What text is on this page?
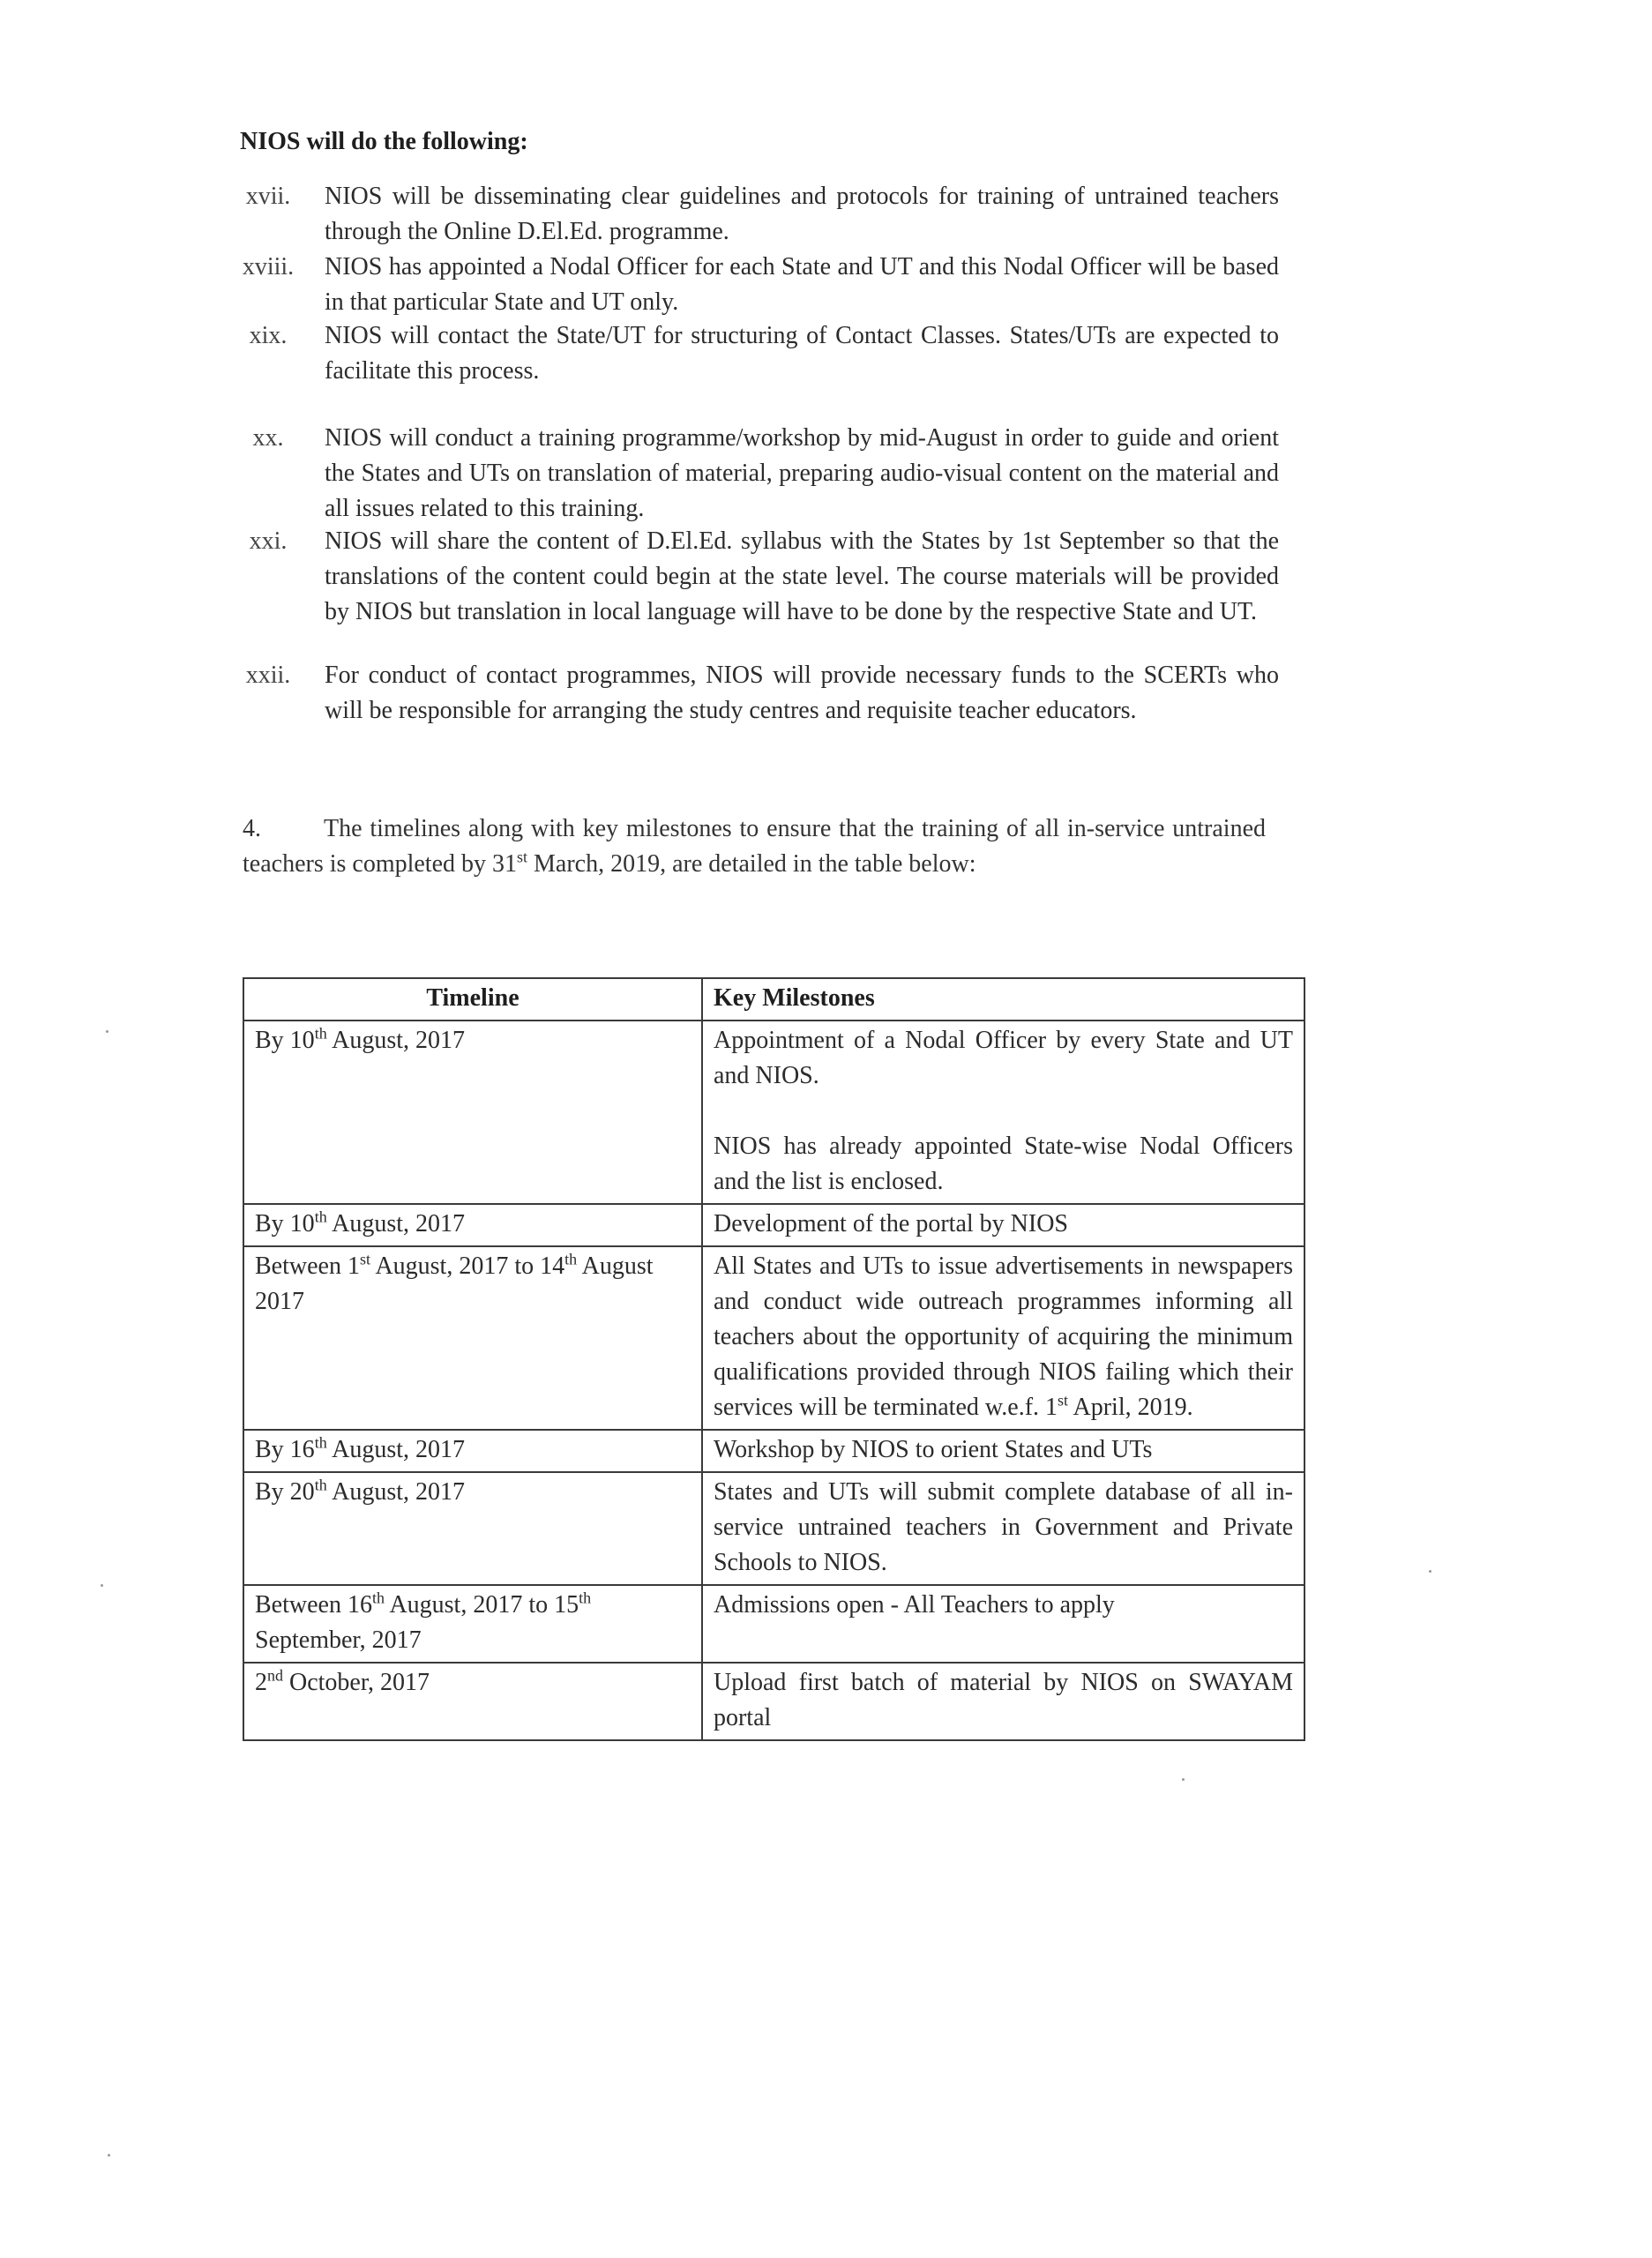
NIOS will do the following:
xvii.	NIOS will be disseminating clear guidelines and protocols for training of untrained teachers through the Online D.El.Ed. programme.
xviii.	NIOS has appointed a Nodal Officer for each State and UT and this Nodal Officer will be based in that particular State and UT only.
xix.	NIOS will contact the State/UT for structuring of Contact Classes. States/UTs are expected to facilitate this process.
xx.	NIOS will conduct a training programme/workshop by mid-August in order to guide and orient the States and UTs on translation of material, preparing audio-visual content on the material and all issues related to this training.
xxi.	NIOS will share the content of D.El.Ed. syllabus with the States by 1st September so that the translations of the content could begin at the state level. The course materials will be provided by NIOS but translation in local language will have to be done by the respective State and UT.
xxii.	For conduct of contact programmes, NIOS will provide necessary funds to the SCERTs who will be responsible for arranging the study centres and requisite teacher educators.

4.	The timelines along with key milestones to ensure that the training of all in-service untrained teachers is completed by 31st March, 2019, are detailed in the table below:

Timeline	Key Milestones
By 10th August, 2017	Appointment of a Nodal Officer by every State and UT and NIOS.
NIOS has already appointed State-wise Nodal Officers and the list is enclosed.

By 10th August, 2017	Development of the portal by NIOS

Between 1st August, 2017 to 14th August 2017	All States and UTs to issue advertisements in newspapers and conduct wide outreach programmes informing all teachers about the opportunity of acquiring the minimum qualifications provided through NIOS failing which their services will be terminated w.e.f. 1st April, 2019.
By 16th August, 2017	Workshop by NIOS to orient States and UTs

By 20th August, 2017	States and UTs will submit complete database of all in-service untrained teachers in Government and Private Schools to NIOS.

Between 16th August, 2017 to 15th September, 2017	Admissions open - All Teachers to apply

2nd October, 2017	Upload first batch of material by NIOS on SWAYAM portal
